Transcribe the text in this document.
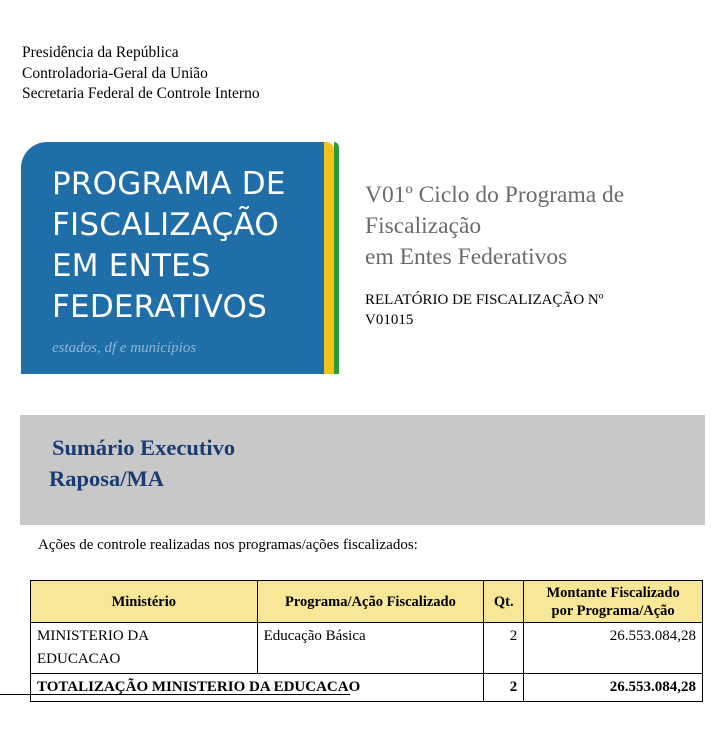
Presidência da República
Controladoria-Geral da União
Secretaria Federal de Controle Interno
PROGRAMA DE
FISCALIZAÇÃO
EM ENTES
FEDERATIVOS
estados, df e municípios
V01º Ciclo do Programa de
Fiscalização
em Entes Federativos
RELATÓRIO DE FISCALIZAÇÃO Nº
V01015
Sumário Executivo
Raposa/MA
Ações de controle realizadas nos programas/ações fiscalizados:
Ministério	Programa/Ação Fiscalizado	Qt.	Montante Fiscalizado
por Programa/Ação

MINISTERIO DA
EDUCACAO	Educação Básica	2	26.553.084,28
TOTALIZAÇÃO MINISTERIO DA EDUCACAO		2	26.553.084,28
